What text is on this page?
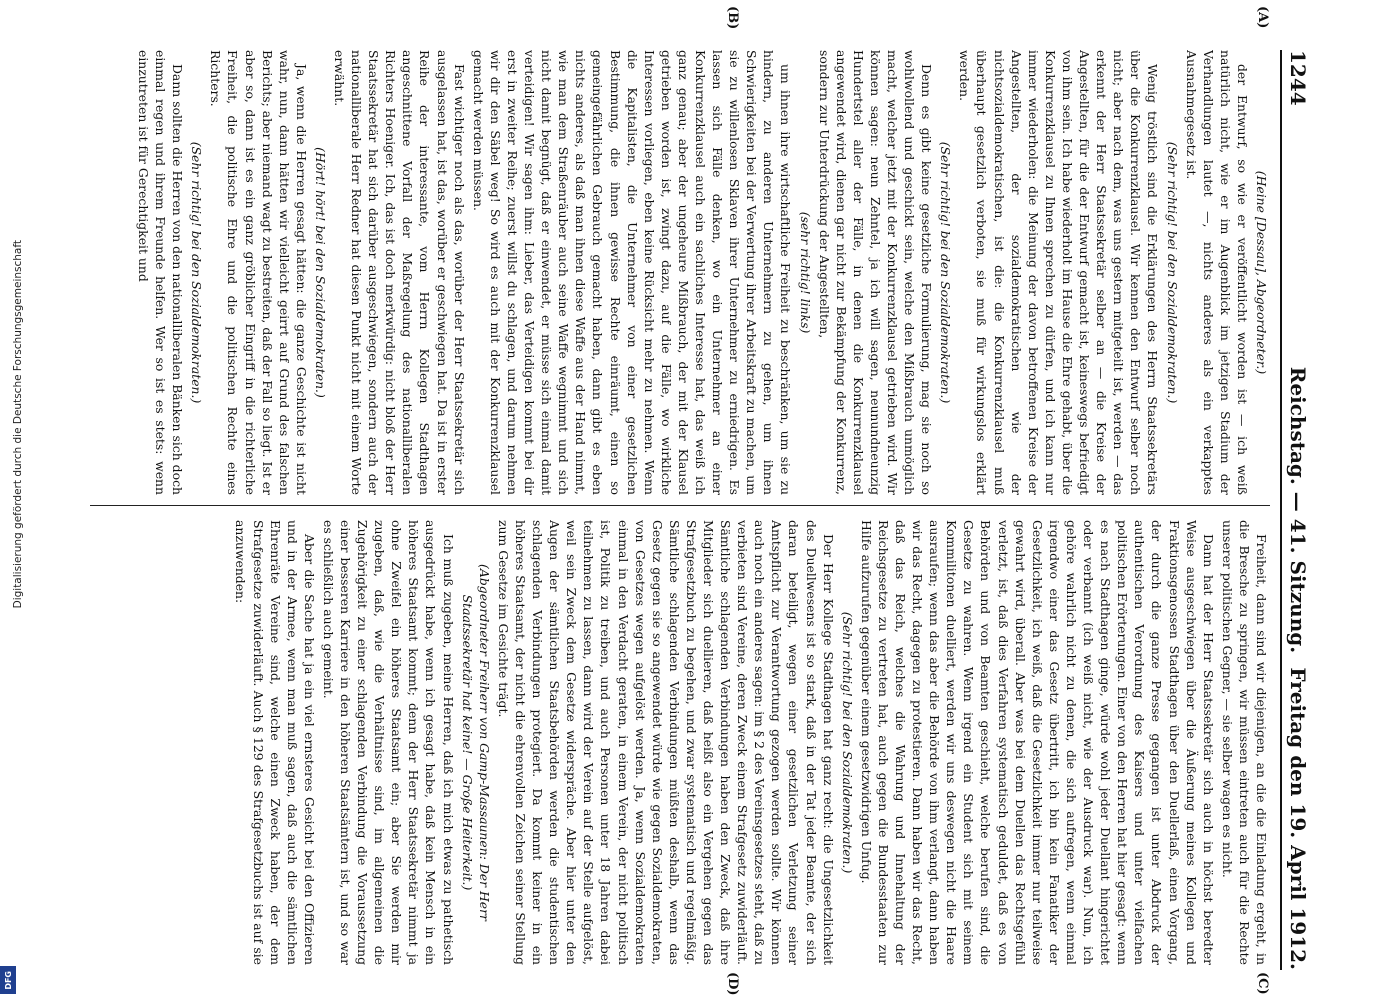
Digitalisierung gefördert durch die Deutsche Forschungsgemeinschaft
DFG
1244
Reichstag. — 41. Sitzung.
Freitag den 19. April 1912.
(A)
(B)
(C)
(D)

(Heine [Dessau], Abgeordneter.)

der Entwurf, so wie er veröffentlicht worden ist — ich weiß natürlich nicht, wie er im Augenblick im jetzigen Stadium der Verhandlungen lautet —, nichts anderes als ein verkapptes Ausnahmegesetz ist.

(Sehr richtig! bei den Sozialdemokraten.)

Wenig tröstlich sind die Erklärungen des Herrn Staatssekretärs über die Konkurrenzklausel. Wir kennen den Entwurf selber noch nicht; aber nach dem, was uns gestern mitgeteilt ist, werden — das erkennt der Herr Staatssekretär selber an — die Kreise der Angestellten, für die der Entwurf gemacht ist, keineswegs befriedigt von ihm sein. Ich habe wiederholt im Hause die Ehre gehabt, über die Konkurrenzklausel zu Ihnen sprechen zu dürfen, und ich kann nur immer wiederholen: die Meinung der davon betroffenen Kreise der Angestellten, der sozialdemokratischen wie der nichtsozialdemokratischen, ist die: die Konkurrenzklausel muß überhaupt gesetzlich verboten, sie muß für wirkungslos erklärt werden.

(Sehr richtig! bei den Sozialdemokraten.)

Denn es gibt keine gesetzliche Formulierung, mag sie noch so wohlwollend und geschickt sein, welche den Mißbrauch unmöglich macht, welcher jetzt mit der Konkurrenzklausel getrieben wird. Wir können sagen: neun Zehntel, ja ich will sagen, neunundneunzig Hundertstel aller der Fälle, in denen die Konkurrenzklausel angewendet wird, dienen gar nicht zur Bekämpfung der Konkurrenz, sondern zur Unterdrückung der Angestellten,

(sehr richtig! links)

um ihnen ihre wirtschaftliche Freiheit zu beschränken, um sie zu hindern, zu anderen Unternehmern zu gehen, um ihnen Schwierigkeiten bei der Verwertung ihrer Arbeitskraft zu machen, um sie zu willenlosen Sklaven ihrer Unternehmer zu erniedrigen. Es lassen sich Fälle denken, wo ein Unternehmer an einer Konkurrenzklausel auch ein sachliches Interesse hat, das weiß ich ganz genau; aber der ungeheure Mißbrauch, der mit der Klausel getrieben worden ist, zwingt dazu, auf die Fälle, wo wirkliche Interessen vorliegen, eben keine Rücksicht mehr zu nehmen. Wenn die Kapitalisten, die Unternehmer von einer gesetzlichen Bestimmung, die ihnen gewisse Rechte einräumt, einen so gemeingefährlichen Gebrauch gemacht haben, dann gibt es eben nichts anderes, als daß man ihnen diese Waffe aus der Hand nimmt, wie man dem Straßenräuber auch seine Waffe wegnimmt und sich nicht damit begnügt, daß er einwendet, er müsse sich einmal damit verteidigen! Wir sagen ihm: Lieber, das Verteidigen kommt bei dir erst in zweiter Reihe; zuerst willst du schlagen, und darum nehmen wir dir den Säbel weg! So wird es auch mit der Konkurrenzklausel gemacht werden müssen.

Fast wichtiger noch als das, worüber der Herr Staatssekretär sich ausgelassen hat, ist das, worüber er geschwiegen hat. Da ist in erster Reihe der interessante, vom Herrn Kollegen Stadthagen angeschnittene Vorfall der Maßregelung des nationalliberalen Richters Hoeniger. Ich, das ist doch merkwürdig: nicht bloß der Herr Staatssekretär hat sich darüber ausgeschwiegen, sondern auch der nationalliberale Herr Redner hat diesen Punkt nicht mit einem Worte erwähnt.

(Hört! hört! bei den Sozialdemokraten.)

Ja, wenn die Herren gesagt hätten: die ganze Geschichte ist nicht wahr, nun, dann hätten wir vielleicht geirrt auf Grund des falschen Berichts; aber niemand wagt zu bestreiten, daß der Fall so liegt. Ist er aber so, dann ist es ein ganz gröblicher Eingriff in die richterliche Freiheit, die politische Ehre und die politischen Rechte eines Richters.

(Sehr richtig! bei den Sozialdemokraten.)

Dann sollten die Herren von den nationalliberalen Bänken sich doch einmal regen und ihrem Freunde helfen. Wer so ist es stets: wenn einzutreten ist für Gerechtigkeit und

Freiheit, dann sind wir diejenigen, an die die Einladung ergeht, in die Bresche zu springen, wir müssen eintreten auch für die Rechte unserer politischen Gegner, — sie selber wagen es nicht.

Dann hat der Herr Staatssekretär sich auch in höchst beredter Weise ausgeschwiegen über die Äußerung meines Kollegen und Fraktionsgenossen Stadthagen über den Duellerlaß, einen Vorgang, der durch die ganze Presse gegangen ist unter Abdruck der authentischen Verordnung des Kaisers und unter vielfachen politischen Erörterungen. Einer von den Herren hat hier gesagt: wenn es nach Stadthagen ginge, würde wohl jeder Duellant hingerichtet oder verbannt (ich weiß nicht, wie der Ausdruck war). Nun, ich gehöre wahrlich nicht zu denen, die sich aufregen, wenn einmal irgendwo einer das Gesetz übertritt, ich bin kein Fanatiker der Gesetzlichkeit, ich weiß, daß die Gesetzlichkeit immer nur teilweise gewahrt wird, überall. Aber was bei dem Duellen das Rechtsgefühl verletzt, ist, daß dies Verfahren systematisch geduldet, daß es von Behörden und von Beamten geschieht, welche berufen sind, die Gesetze zu wahren. Wenn irgend ein Student sich mit seinem Kommilitonen duelliert, werden wir uns deswegen nicht die Haare ausraufen; wenn das aber die Behörde von ihm verlangt, dann haben wir das Recht, dagegen zu protestieren. Dann haben wir das Recht, daß das Reich, welches die Wahrung und Innehaltung der Reichsgesetze zu vertreten hat, auch gegen die Bundesstaaten zur Hilfe aufzurufen gegenüber einem gesetzwidrigen Unfug.

(Sehr richtig! bei den Sozialdemokraten.)

Der Herr Kollege Stadthagen hat ganz recht: die Ungesetzlichkeit des Duellwesens ist so stark, daß in der Tat jeder Beamte, der sich daran beteiligt, wegen einer gesetzlichen Verletzung seiner Amtspflicht zur Verantwortung gezogen werden sollte. Wir können auch noch ein anderes sagen: im § 2 des Vereinsgesetzes steht, daß zu verbieten sind Vereine, deren Zweck einem Strafgesetz zuwiderläuft. Sämtliche schlagenden Verbindungen haben den Zweck, daß ihre Mitglieder sich duellieren, daß heißt also ein Vergehen gegen das Strafgesetzbuch zu begehen, und zwar systematisch und regelmäßig. Sämtliche schlagenden Verbindungen müßten deshalb, wenn das Gesetz gegen sie so angewendet würde wie gegen Sozialdemokraten, von Gesetzes wegen aufgelöst werden. Ja, wenn Sozialdemokraten einmal in den Verdacht geraten, in einem Verein, der nicht politisch ist, Politik zu treiben, und auch Personen unter 18 Jahren dabei teilnehmen zu lassen, dann wird der Verein auf der Stelle aufgelöst, weil sein Zweck dem Gesetze widerspräche. Aber hier unter den Augen der sämtlichen Staatsbehörden werden die studentischen schlagenden Verbindungen protegiert. Da kommt keiner in ein höheres Staatsamt, der nicht die ehrenvollen Zeichen seiner Stellung zum Gesetze im Gesichte trägt.

(Abgeordneter Freiherr von Gamp-Massaunen: Der Herr Staatssekretär hat keine! — Große Heiterkeit.)

Ich muß zugeben, meine Herren, daß ich mich etwas zu pathetisch ausgedrückt habe, wenn ich gesagt habe, daß kein Mensch in ein höheres Staatsamt kommt; denn der Herr Staatssekretär nimmt ja ohne Zweifel ein höheres Staatsamt ein; aber Sie werden mir zugeben, daß, wie die Verhältnisse sind, im allgemeinen die Zugehörigkeit zu einer schlagenden Verbindung die Voraussetzung einer besseren Karriere in den höheren Staatsämtern ist, und so war es schließlich auch gemeint.

Aber die Sache hat ja ein viel ernsteres Gesicht bei den Offizieren und in der Armee, wenn man muß sagen, daß auch die sämtlichen Ehrenräte Vereine sind, welche einen Zweck haben, der dem Strafgesetze zuwiderläuft. Auch § 129 des Strafgesetzbuchs ist auf sie anzuwenden:
